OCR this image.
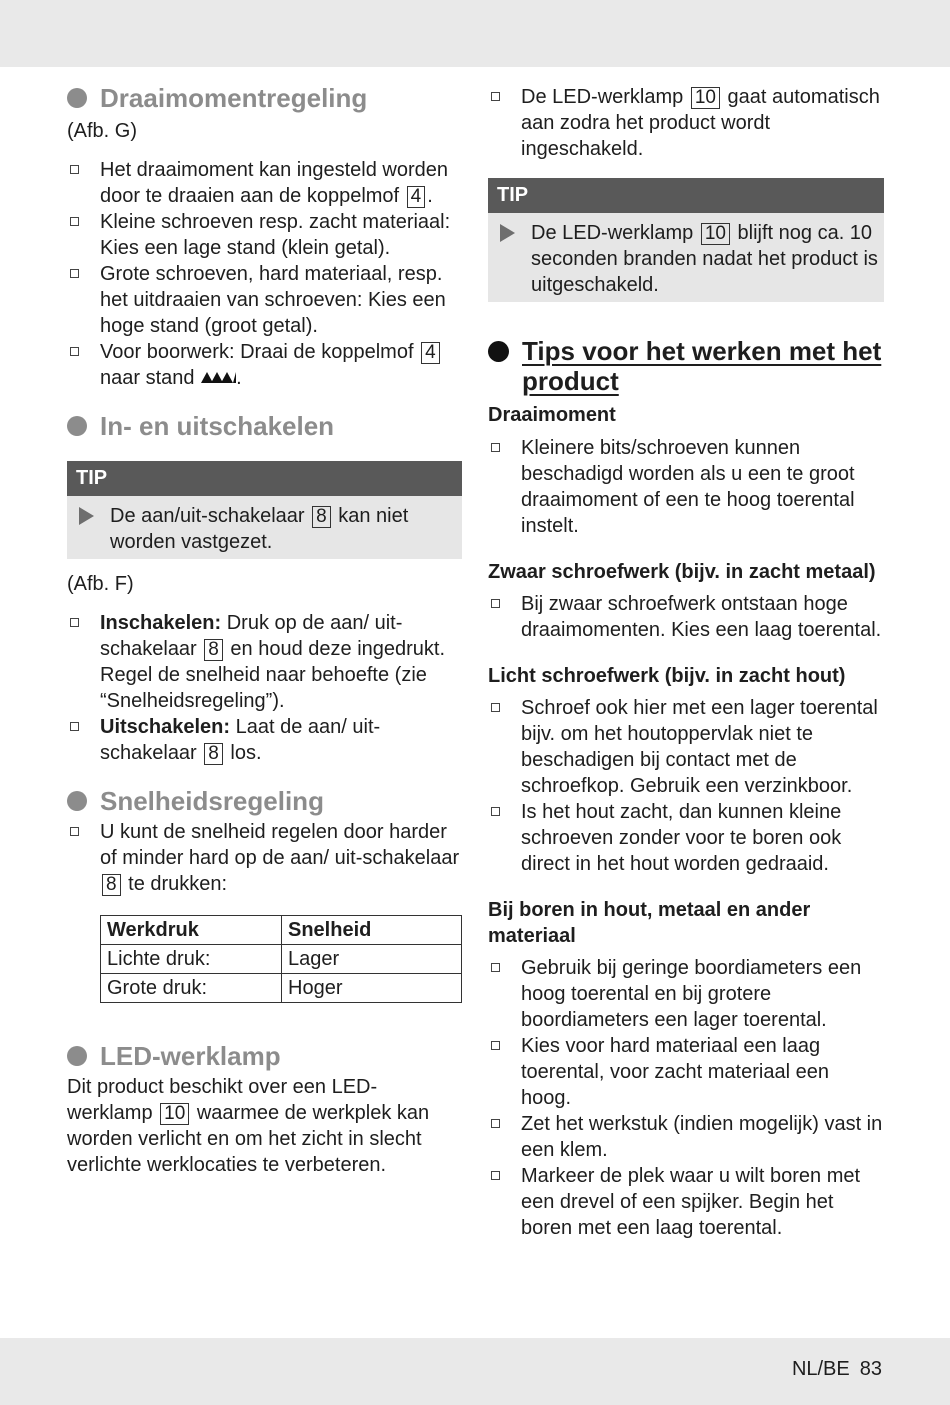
Draaimomentregeling

(Afb. G)

Het draaimoment kan ingesteld worden door te draaien aan de koppelmof 4 .
Kleine schroeven resp. zacht materiaal: Kies een lage stand (klein getal).
Grote schroeven, hard materiaal, resp. het uitdraaien van schroeven: Kies een hoge stand (groot getal).
Voor boorwerk: Draai de koppelmof 4 naar stand .
In- en uitschakelen
TIP
De aan/uit-schakelaar 8 kan niet worden vastgezet.

(Afb. F)

Inschakelen: Druk op de aan/ uit-schakelaar 8 en houd deze ingedrukt.
Regel de snelheid naar behoefte (zie “Snelheidsregeling”).
Uitschakelen: Laat de aan/ uit-schakelaar 8 los.
Snelheidsregeling
U kunt de snelheid regelen door harder of minder hard op de aan/ uit-schakelaar 8 te drukken:
Werkdruk	Snelheid
Lichte druk:	Lager
Grote druk:	Hoger
LED-werklamp

Dit product beschikt over een LED-werklamp 10 waarmee de werkplek kan worden verlicht en om het zicht in slecht verlichte werklocaties te verbeteren.

De LED-werklamp 10 gaat automatisch aan zodra het product wordt ingeschakeld.
TIP
De LED-werklamp 10 blijft nog ca. 10 seconden branden nadat het product is uitgeschakeld.
Tips voor het werken met het product

Draaimoment

Kleinere bits/schroeven kunnen beschadigd worden als u een te groot draaimoment of een te hoog toerental instelt.

Zwaar schroefwerk (bijv. in zacht metaal)

Bij zwaar schroefwerk ontstaan hoge draaimomenten. Kies een laag toerental.

Licht schroefwerk (bijv. in zacht hout)

Schroef ook hier met een lager toerental bijv. om het houtoppervlak niet te beschadigen bij contact met de schroefkop. Gebruik een verzinkboor.
Is het hout zacht, dan kunnen kleine schroeven zonder voor te boren ook direct in het hout worden gedraaid.

Bij boren in hout, metaal en ander materiaal

Gebruik bij geringe boordiameters een hoog toerental en bij grotere boordiameters een lager toerental.
Kies voor hard materiaal een laag toerental, voor zacht materiaal een hoog.
Zet het werkstuk (indien mogelijk) vast in een klem.
Markeer de plek waar u wilt boren met een drevel of een spijker. Begin het boren met een laag toerental.
NL/BE 83
